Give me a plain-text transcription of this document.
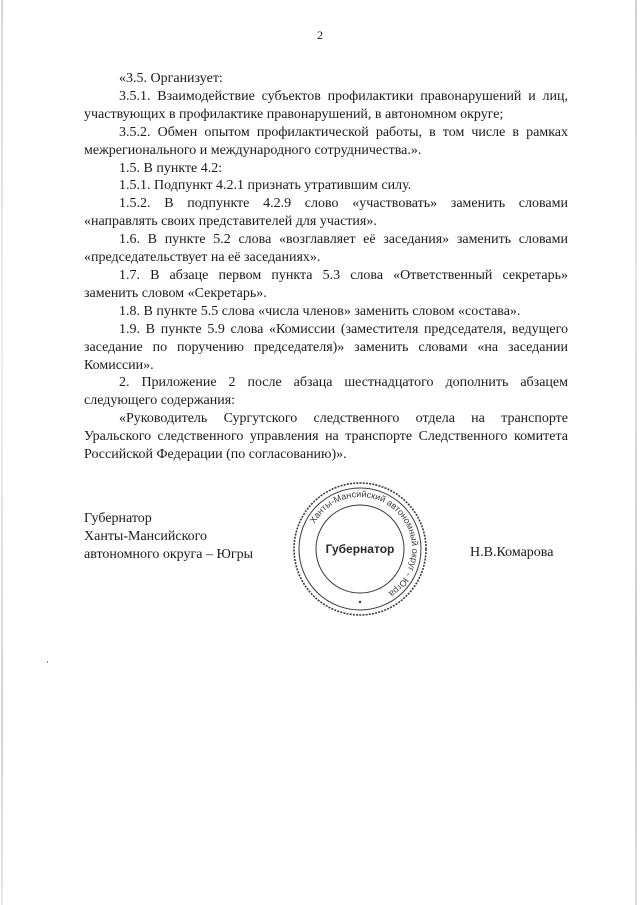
2

«3.5. Организует:

3.5.1. Взаимодействие субъектов профилактики правонарушений и лиц, участвующих в профилактике правонарушений, в автономном округе;

3.5.2. Обмен опытом профилактической работы, в том числе в рамках межрегионального и международного сотрудничества.».

1.5. В пункте 4.2:

1.5.1. Подпункт 4.2.1 признать утратившим силу.

1.5.2. В подпункте 4.2.9 слово «участвовать» заменить словами «направлять своих представителей для участия».

1.6. В пункте 5.2 слова «возглавляет её заседания» заменить словами «председательствует на её заседаниях».

1.7. В абзаце первом пункта 5.3 слова «Ответственный секретарь» заменить словом «Секретарь».

1.8. В пункте 5.5 слова «числа членов» заменить словом «состава».

1.9. В пункте 5.9 слова «Комиссии (заместителя председателя, ведущего заседание по поручению председателя)» заменить словами «на заседании Комиссии».

2. Приложение 2 после абзаца шестнадцатого дополнить абзацем следующего содержания:

«Руководитель Сургутского следственного отдела на транспорте Уральского следственного управления на транспорте Следственного комитета Российской Федерации (по согласованию)».

Губернатор
Ханты-Мансийского
автономного округа – Югры
Ханты-Мансийский автономный округ - Югра
Губернатор	Н.В.Комарова
